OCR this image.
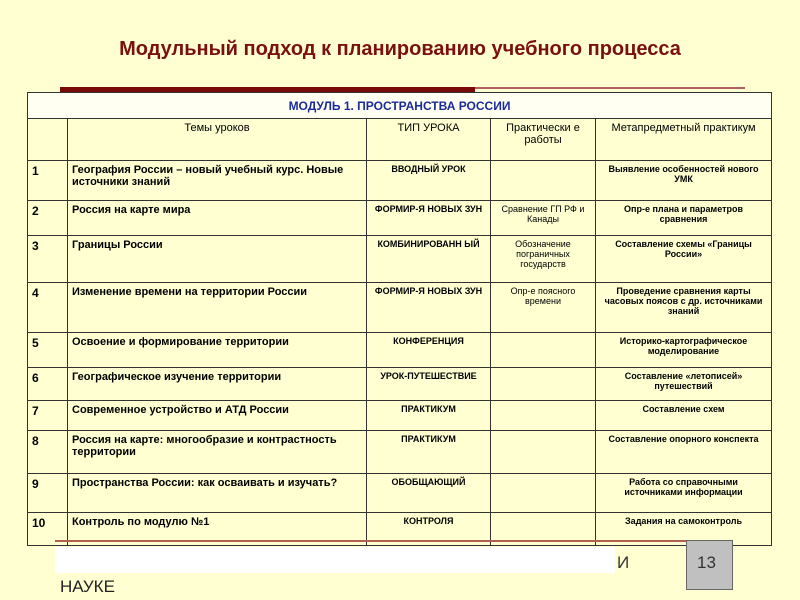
Модульный подход к планированию учебного процесса
МОДУЛЬ 1. ПРОСТРАНСТВА РОССИИ				
	Темы уроков	ТИП УРОКА	Практически е работы	Метапредметный практикум
1	География России – новый учебный курс. Новые источники знаний	ВВОДНЫЙ УРОК		Выявление особенностей нового УМК
2	Россия на карте мира	ФОРМИР-Я НОВЫХ ЗУН	Сравнение ГП РФ и Канады	Опр-е плана и параметров сравнения
3	Границы России	КОМБИНИРОВАНН ЫЙ	Обозначение пограничных государств	Составление схемы «Границы России»
4	Изменение времени на территории России	ФОРМИР-Я НОВЫХ ЗУН	Опр-е поясного времени	Проведение сравнения карты часовых поясов с др. источниками знаний
5	Освоение и формирование территории	КОНФЕРЕНЦИЯ		Историко-картографическое моделирование
6	Географическое изучение территории	УРОК-ПУТЕШЕСТВИЕ		Составление «летописей» путешествий
7	Современное устройство и АТД России	ПРАКТИКУМ		Составление схем
8	Россия на карте: многообразие и контрастность территории	ПРАКТИКУМ		Составление опорного конспекта
9	Пространства России: как осваивать и изучать?	ОБОБЩАЮЩИЙ		Работа со справочными источниками информации
10	Контроль по модулю №1	КОНТРОЛЯ		Задания на самоконтроль
И	13
НАУКЕ
